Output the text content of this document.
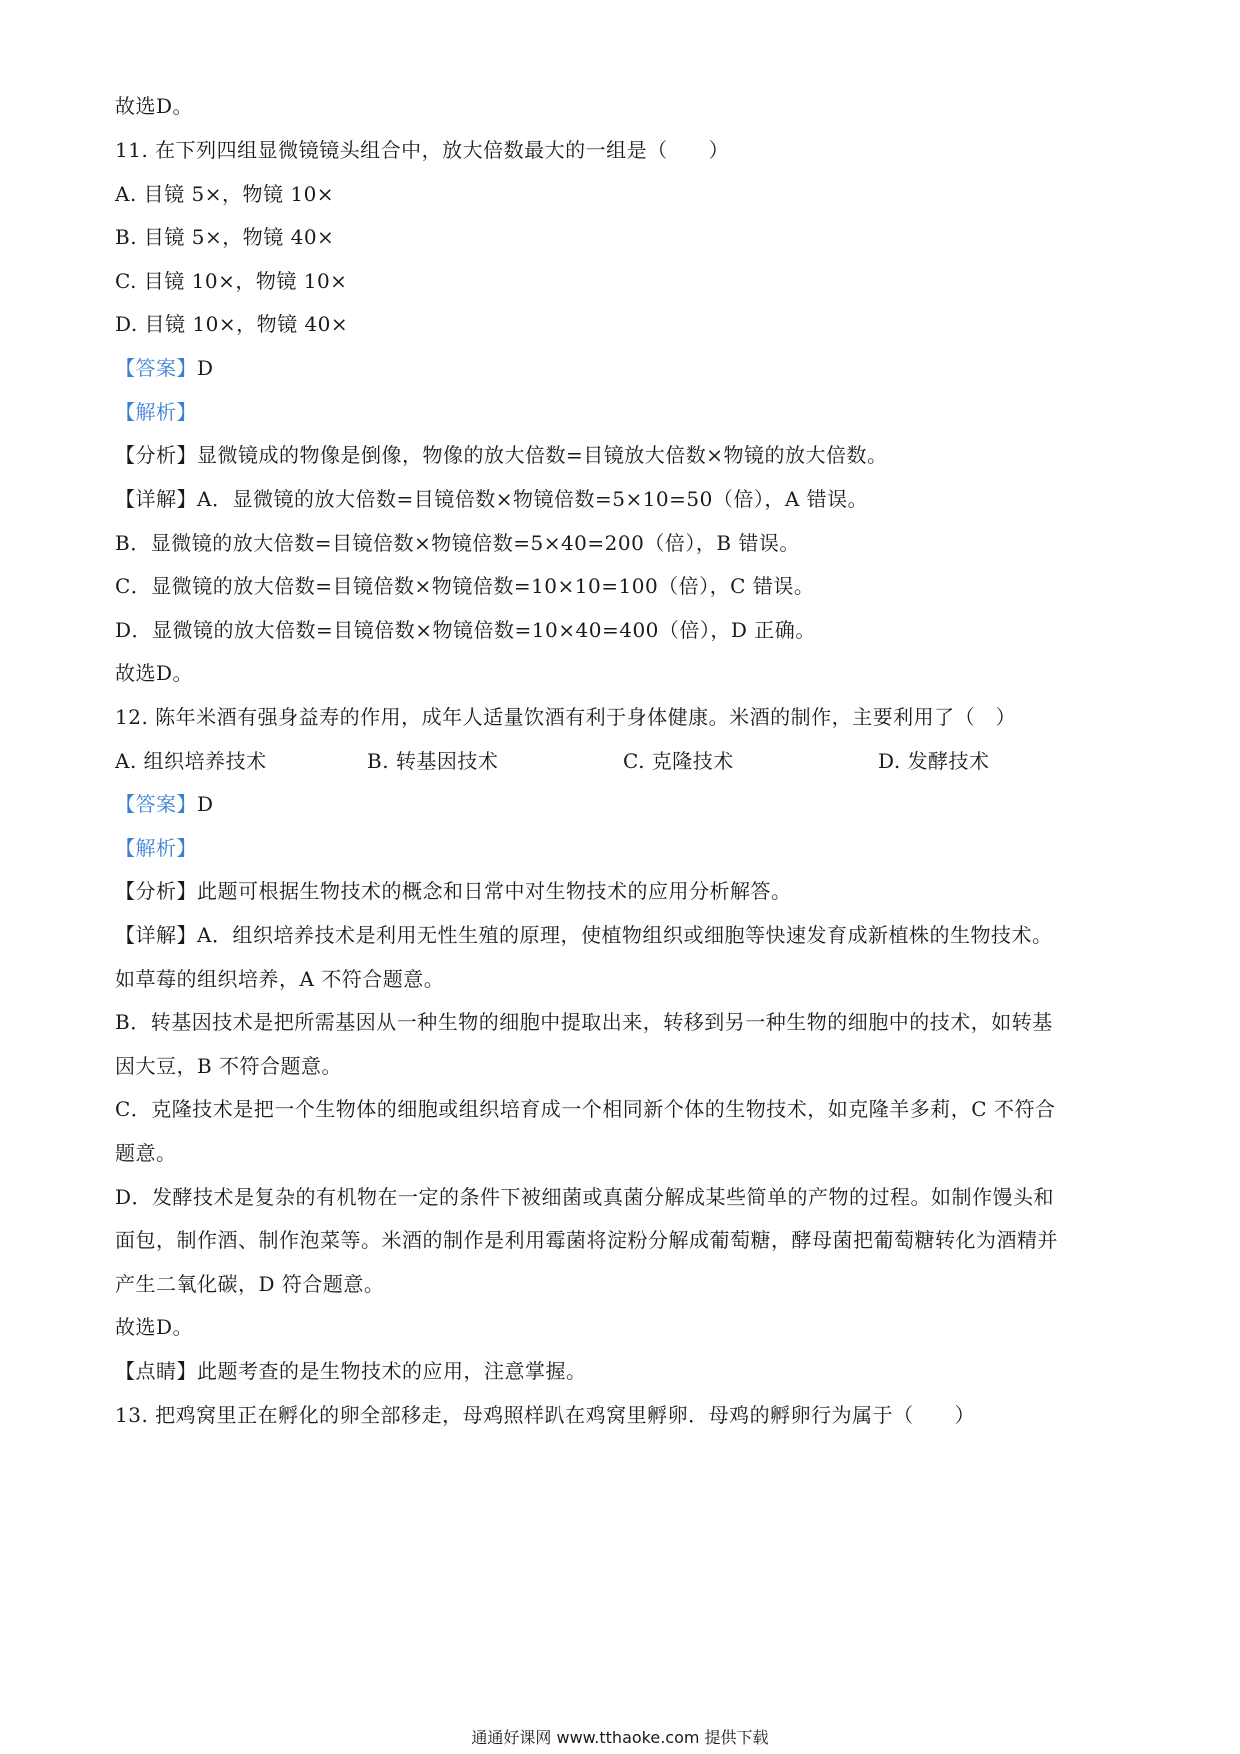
故选D。
11. 在下列四组显微镜镜头组合中，放大倍数最大的一组是（　　）
A. 目镜 5×，物镜 10×
B. 目镜 5×，物镜 40×
C. 目镜 10×，物镜 10×
D. 目镜 10×，物镜 40×
【答案】D
【解析】
【分析】显微镜成的物像是倒像，物像的放大倍数=目镜放大倍数×物镜的放大倍数。
【详解】A．显微镜的放大倍数=目镜倍数×物镜倍数=5×10=50（倍），A 错误。
B．显微镜的放大倍数=目镜倍数×物镜倍数=5×40=200（倍），B 错误。
C．显微镜的放大倍数=目镜倍数×物镜倍数=10×10=100（倍），C 错误。
D．显微镜的放大倍数=目镜倍数×物镜倍数=10×40=400（倍），D 正确。
故选D。
12. 陈年米酒有强身益寿的作用，成年人适量饮酒有利于身体健康。米酒的制作，主要利用了（　）
A. 组织培养技术	B. 转基因技术	C. 克隆技术	D. 发酵技术
【答案】D
【解析】
【分析】此题可根据生物技术的概念和日常中对生物技术的应用分析解答。
【详解】A．组织培养技术是利用无性生殖的原理，使植物组织或细胞等快速发育成新植株的生物技术。
如草莓的组织培养，A 不符合题意。
B．转基因技术是把所需基因从一种生物的细胞中提取出来，转移到另一种生物的细胞中的技术，如转基
因大豆，B 不符合题意。
C．克隆技术是把一个生物体的细胞或组织培育成一个相同新个体的生物技术，如克隆羊多莉，C 不符合
题意。
D．发酵技术是复杂的有机物在一定的条件下被细菌或真菌分解成某些简单的产物的过程。如制作馒头和
面包，制作酒、制作泡菜等。米酒的制作是利用霉菌将淀粉分解成葡萄糖，酵母菌把葡萄糖转化为酒精并
产生二氧化碳，D 符合题意。
故选D。
【点睛】此题考查的是生物技术的应用，注意掌握。
13. 把鸡窝里正在孵化的卵全部移走，母鸡照样趴在鸡窝里孵卵．母鸡的孵卵行为属于（　　）
通通好课网 www.tthaoke.com 提供下载
